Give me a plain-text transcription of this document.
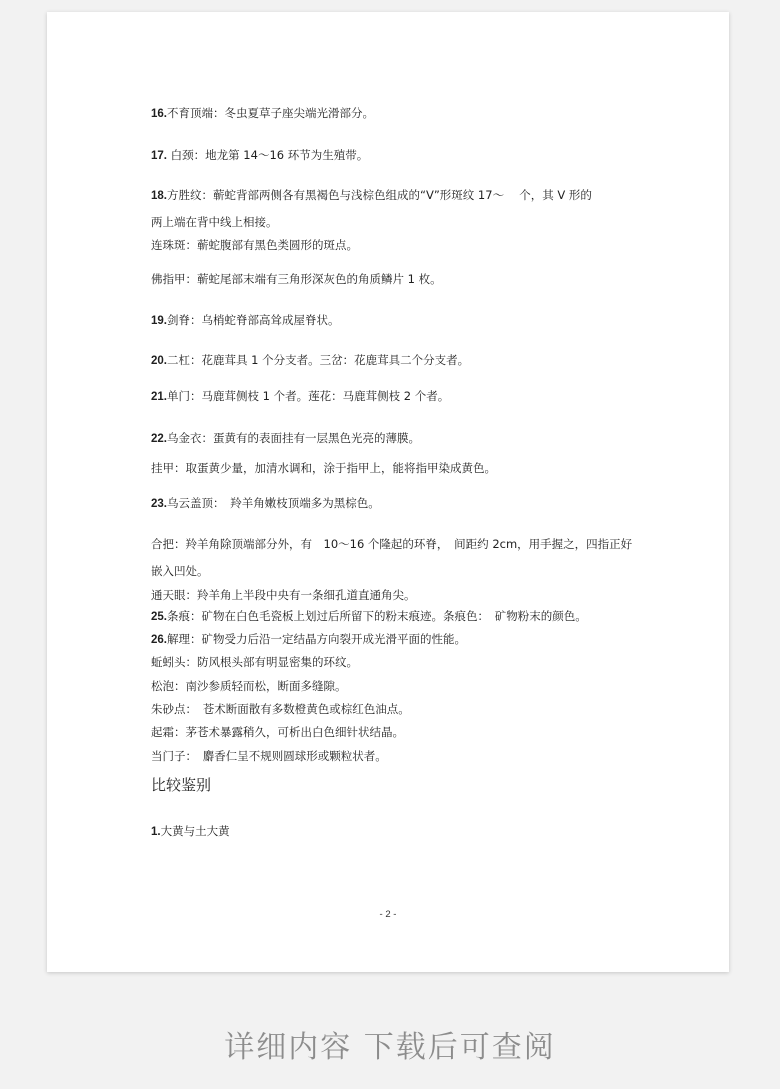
16.不育顶端：冬虫夏草子座尖端光滑部分。
17. 白颈：地龙第 14～16 环节为生殖带。
18.方胜纹：蕲蛇背部两侧各有黑褐色与浅棕色组成的“V”形斑纹 17～　 个，其 V 形的
两上端在背中线上相接。
连珠斑：蕲蛇腹部有黑色类圆形的斑点。
佛指甲：蕲蛇尾部末端有三角形深灰色的角质鳞片 1 枚。
19.剑脊：乌梢蛇脊部高耸成屋脊状。
20.二杠：花鹿茸具 1 个分支者。三岔：花鹿茸具二个分支者。
21.单门：马鹿茸侧枝 1 个者。莲花：马鹿茸侧枝 2 个者。
22.乌金衣：蛋黄有的表面挂有一层黑色光亮的薄膜。
挂甲：取蛋黄少量，加清水调和，涂于指甲上，能将指甲染成黄色。
23.乌云盖顶：　羚羊角嫩枝顶端多为黑棕色。
合把：羚羊角除顶端部分外，有　10～16 个隆起的环脊，　间距约 2cm，用手握之，四指正好
嵌入凹处。
通天眼：羚羊角上半段中央有一条细孔道直通角尖。
25.条痕：矿物在白色毛瓷板上划过后所留下的粉末痕迹。条痕色：　矿物粉末的颜色。
26.解理：矿物受力后沿一定结晶方向裂开成光滑平面的性能。
蚯蚓头：防风根头部有明显密集的环纹。
松泡：南沙参质轻而松，断面多缝隙。
朱砂点：　苍术断面散有多数橙黄色或棕红色油点。
起霜：茅苍术暴露稍久，可析出白色细针状结晶。
当门子：　麝香仁呈不规则圆球形或颗粒状者。
比较鉴别
1.大黄与土大黄
- 2 -
详细内容 下载后可查阅
